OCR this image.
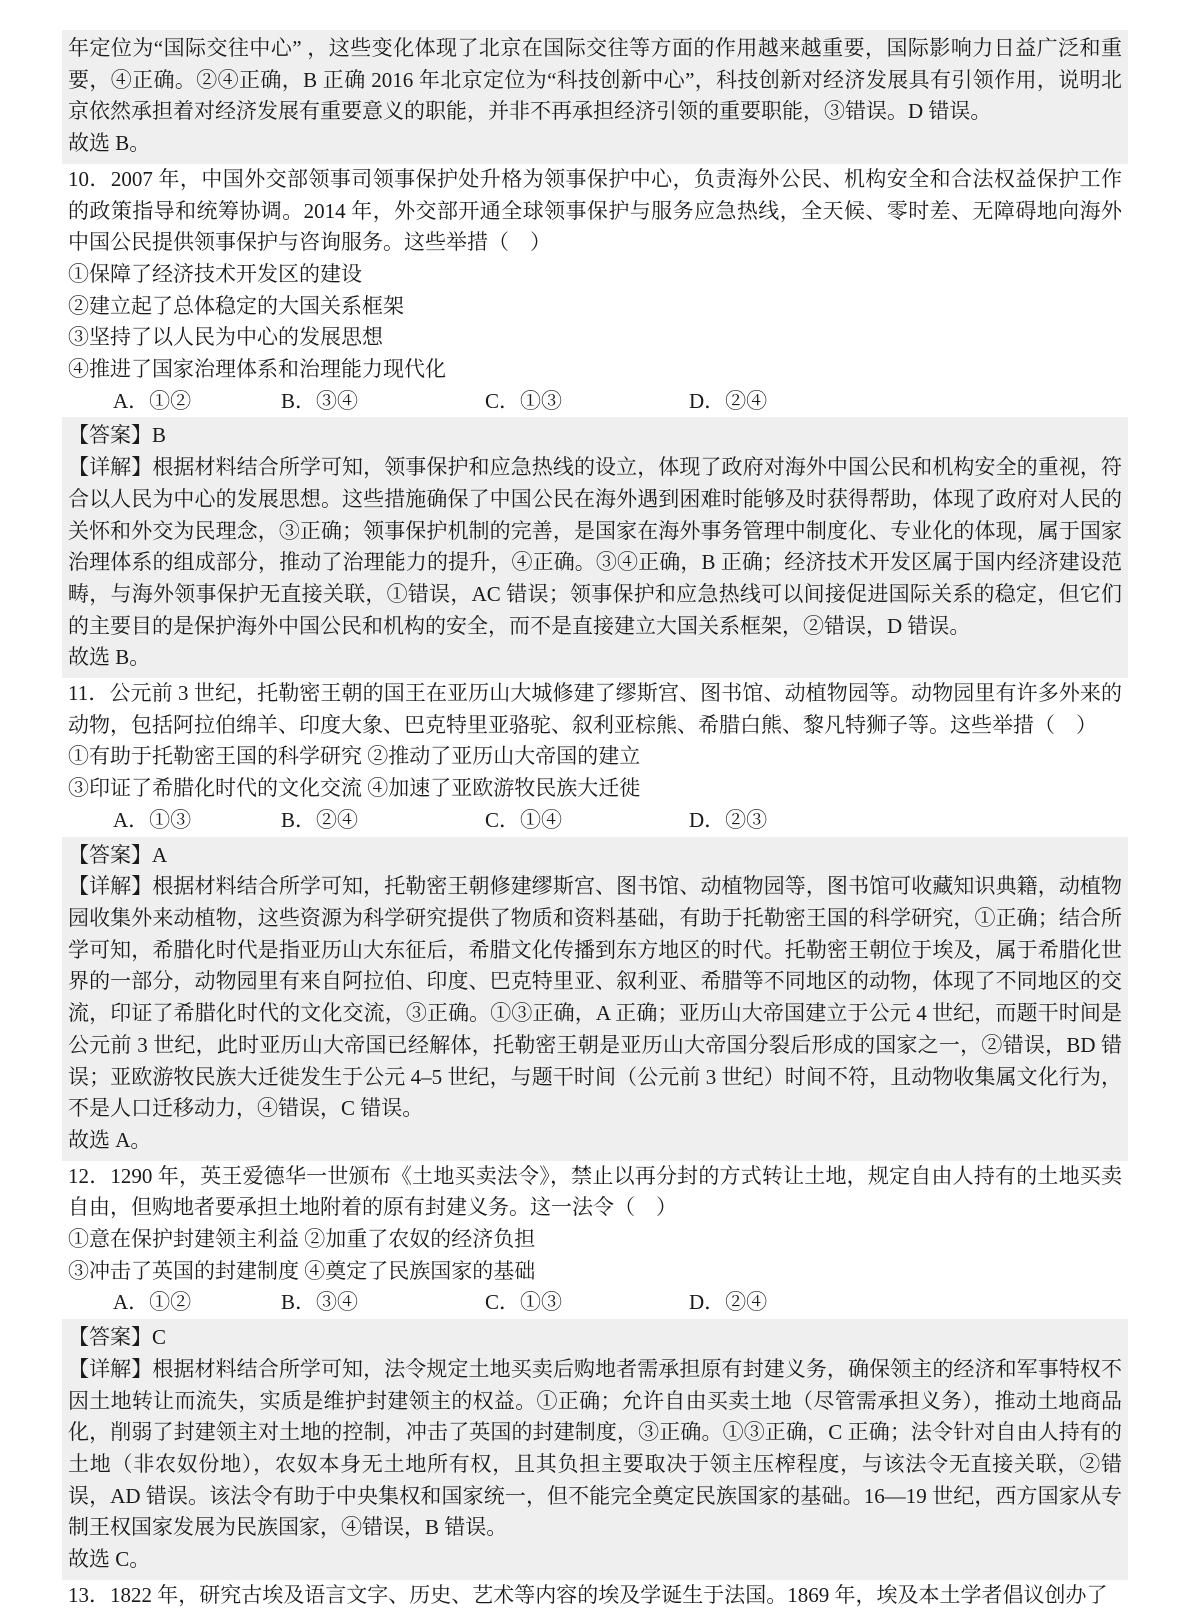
年定位为“国际交往中心” ，这些变化体现了北京在国际交往等方面的作用越来越重要，国际影响力日益广泛和重要，④正确。②④正确，B 正确 2016 年北京定位为“科技创新中心”，科技创新对经济发展具有引领作用，说明北京依然承担着对经济发展有重要意义的职能，并非不再承担经济引领的重要职能，③错误。D 错误。

故选 B。

10．2007 年，中国外交部领事司领事保护处升格为领事保护中心，负责海外公民、机构安全和合法权益保护工作的政策指导和统筹协调。2014 年，外交部开通全球领事保护与服务应急热线，全天候、零时差、无障碍地向海外中国公民提供领事保护与咨询服务。这些举措（　）

①保障了经济技术开发区的建设

②建立起了总体稳定的大国关系框架

③坚持了以人民为中心的发展思想

④推进了国家治理体系和治理能力现代化

A．①②	B．③④	C．①③	D．②④

【答案】B

【详解】根据材料结合所学可知，领事保护和应急热线的设立，体现了政府对海外中国公民和机构安全的重视，符合以人民为中心的发展思想。这些措施确保了中国公民在海外遇到困难时能够及时获得帮助，体现了政府对人民的关怀和外交为民理念，③正确；领事保护机制的完善，是国家在海外事务管理中制度化、专业化的体现，属于国家治理体系的组成部分，推动了治理能力的提升，④正确。③④正确，B 正确；经济技术开发区属于国内经济建设范畴，与海外领事保护无直接关联，①错误，AC 错误；领事保护和应急热线可以间接促进国际关系的稳定，但它们的主要目的是保护海外中国公民和机构的安全，而不是直接建立大国关系框架，②错误，D 错误。

故选 B。

11．公元前 3 世纪，托勒密王朝的国王在亚历山大城修建了缪斯宫、图书馆、动植物园等。动物园里有许多外来的动物，包括阿拉伯绵羊、印度大象、巴克特里亚骆驼、叙利亚棕熊、希腊白熊、黎凡特狮子等。这些举措（　）

①有助于托勒密王国的科学研究 ②推动了亚历山大帝国的建立

③印证了希腊化时代的文化交流 ④加速了亚欧游牧民族大迁徙

A．①③	B．②④	C．①④	D．②③

【答案】A

【详解】根据材料结合所学可知，托勒密王朝修建缪斯宫、图书馆、动植物园等，图书馆可收藏知识典籍，动植物园收集外来动植物，这些资源为科学研究提供了物质和资料基础，有助于托勒密王国的科学研究，①正确；结合所学可知，希腊化时代是指亚历山大东征后，希腊文化传播到东方地区的时代。托勒密王朝位于埃及，属于希腊化世界的一部分，动物园里有来自阿拉伯、印度、巴克特里亚、叙利亚、希腊等不同地区的动物，体现了不同地区的交流，印证了希腊化时代的文化交流，③正确。①③正确，A 正确；亚历山大帝国建立于公元 4 世纪，而题干时间是公元前 3 世纪，此时亚历山大帝国已经解体，托勒密王朝是亚历山大帝国分裂后形成的国家之一，②错误，BD 错误；亚欧游牧民族大迁徙发生于公元 4–5 世纪，与题干时间（公元前 3 世纪）时间不符，且动物收集属文化行为，不是人口迁移动力，④错误，C 错误。

故选 A。

12．1290 年，英王爱德华一世颁布《土地买卖法令》，禁止以再分封的方式转让土地，规定自由人持有的土地买卖自由，但购地者要承担土地附着的原有封建义务。这一法令（　）

①意在保护封建领主利益 ②加重了农奴的经济负担

③冲击了英国的封建制度 ④奠定了民族国家的基础

A．①②	B．③④	C．①③	D．②④

【答案】C

【详解】根据材料结合所学可知，法令规定土地买卖后购地者需承担原有封建义务，确保领主的经济和军事特权不因土地转让而流失，实质是维护封建领主的权益。①正确；允许自由买卖土地（尽管需承担义务），推动土地商品化，削弱了封建领主对土地的控制，冲击了英国的封建制度，③正确。①③正确，C 正确；法令针对自由人持有的土地（非农奴份地），农奴本身无土地所有权，且其负担主要取决于领主压榨程度，与该法令无直接关联，②错误，AD 错误。该法令有助于中央集权和国家统一，但不能完全奠定民族国家的基础。16—19 世纪，西方国家从专制王权国家发展为民族国家，④错误，B 错误。

故选 C。

13．1822 年，研究古埃及语言文字、历史、艺术等内容的埃及学诞生于法国。1869 年，埃及本土学者倡议创办了
